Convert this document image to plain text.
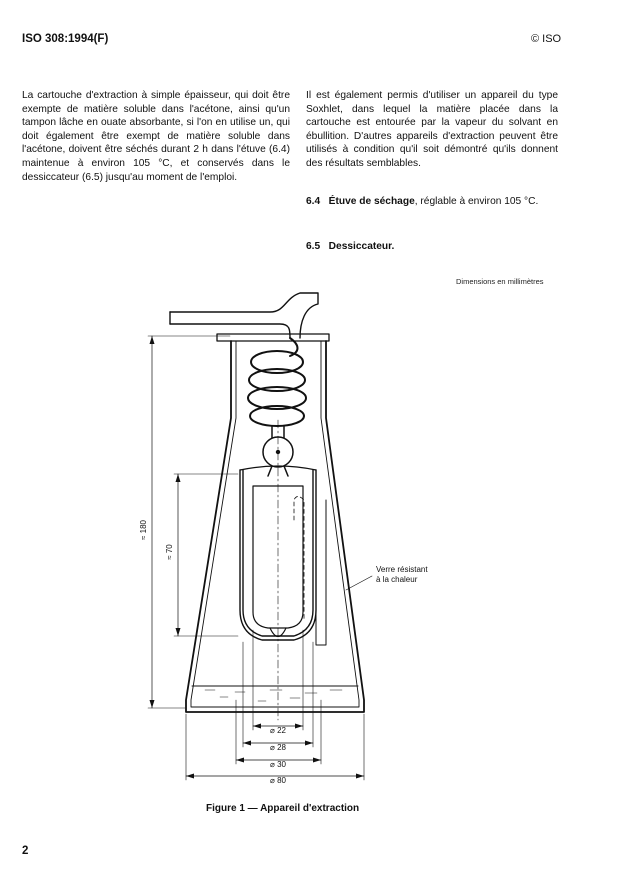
ISO 308:1994(F)	© ISO
La cartouche d'extraction à simple épaisseur, qui doit être exempte de matière soluble dans l'acétone, ainsi qu'un tampon lâche en ouate absorbante, si l'on en utilise un, qui doit également être exempt de matière soluble dans l'acétone, doivent être séchés durant 2 h dans l'étuve (6.4) maintenue à environ 105 °C, et conservés dans le dessiccateur (6.5) jusqu'au moment de l'emploi.
Il est également permis d'utiliser un appareil du type Soxhlet, dans lequel la matière placée dans la cartouche est entourée par la vapeur du solvant en ébullition. D'autres appareils d'extraction peuvent être utilisés à condition qu'il soit démontré qu'ils donnent des résultats semblables.
6.4 Étuve de séchage, réglable à environ 105 °C.
6.5 Dessiccateur.
Dimensions en millimètres
≈ 180
≈ 70
⌀ 22
⌀ 28
⌀ 30
⌀ 80
Verre résistant
à la chaleur
Figure 1 — Appareil d'extraction
2
